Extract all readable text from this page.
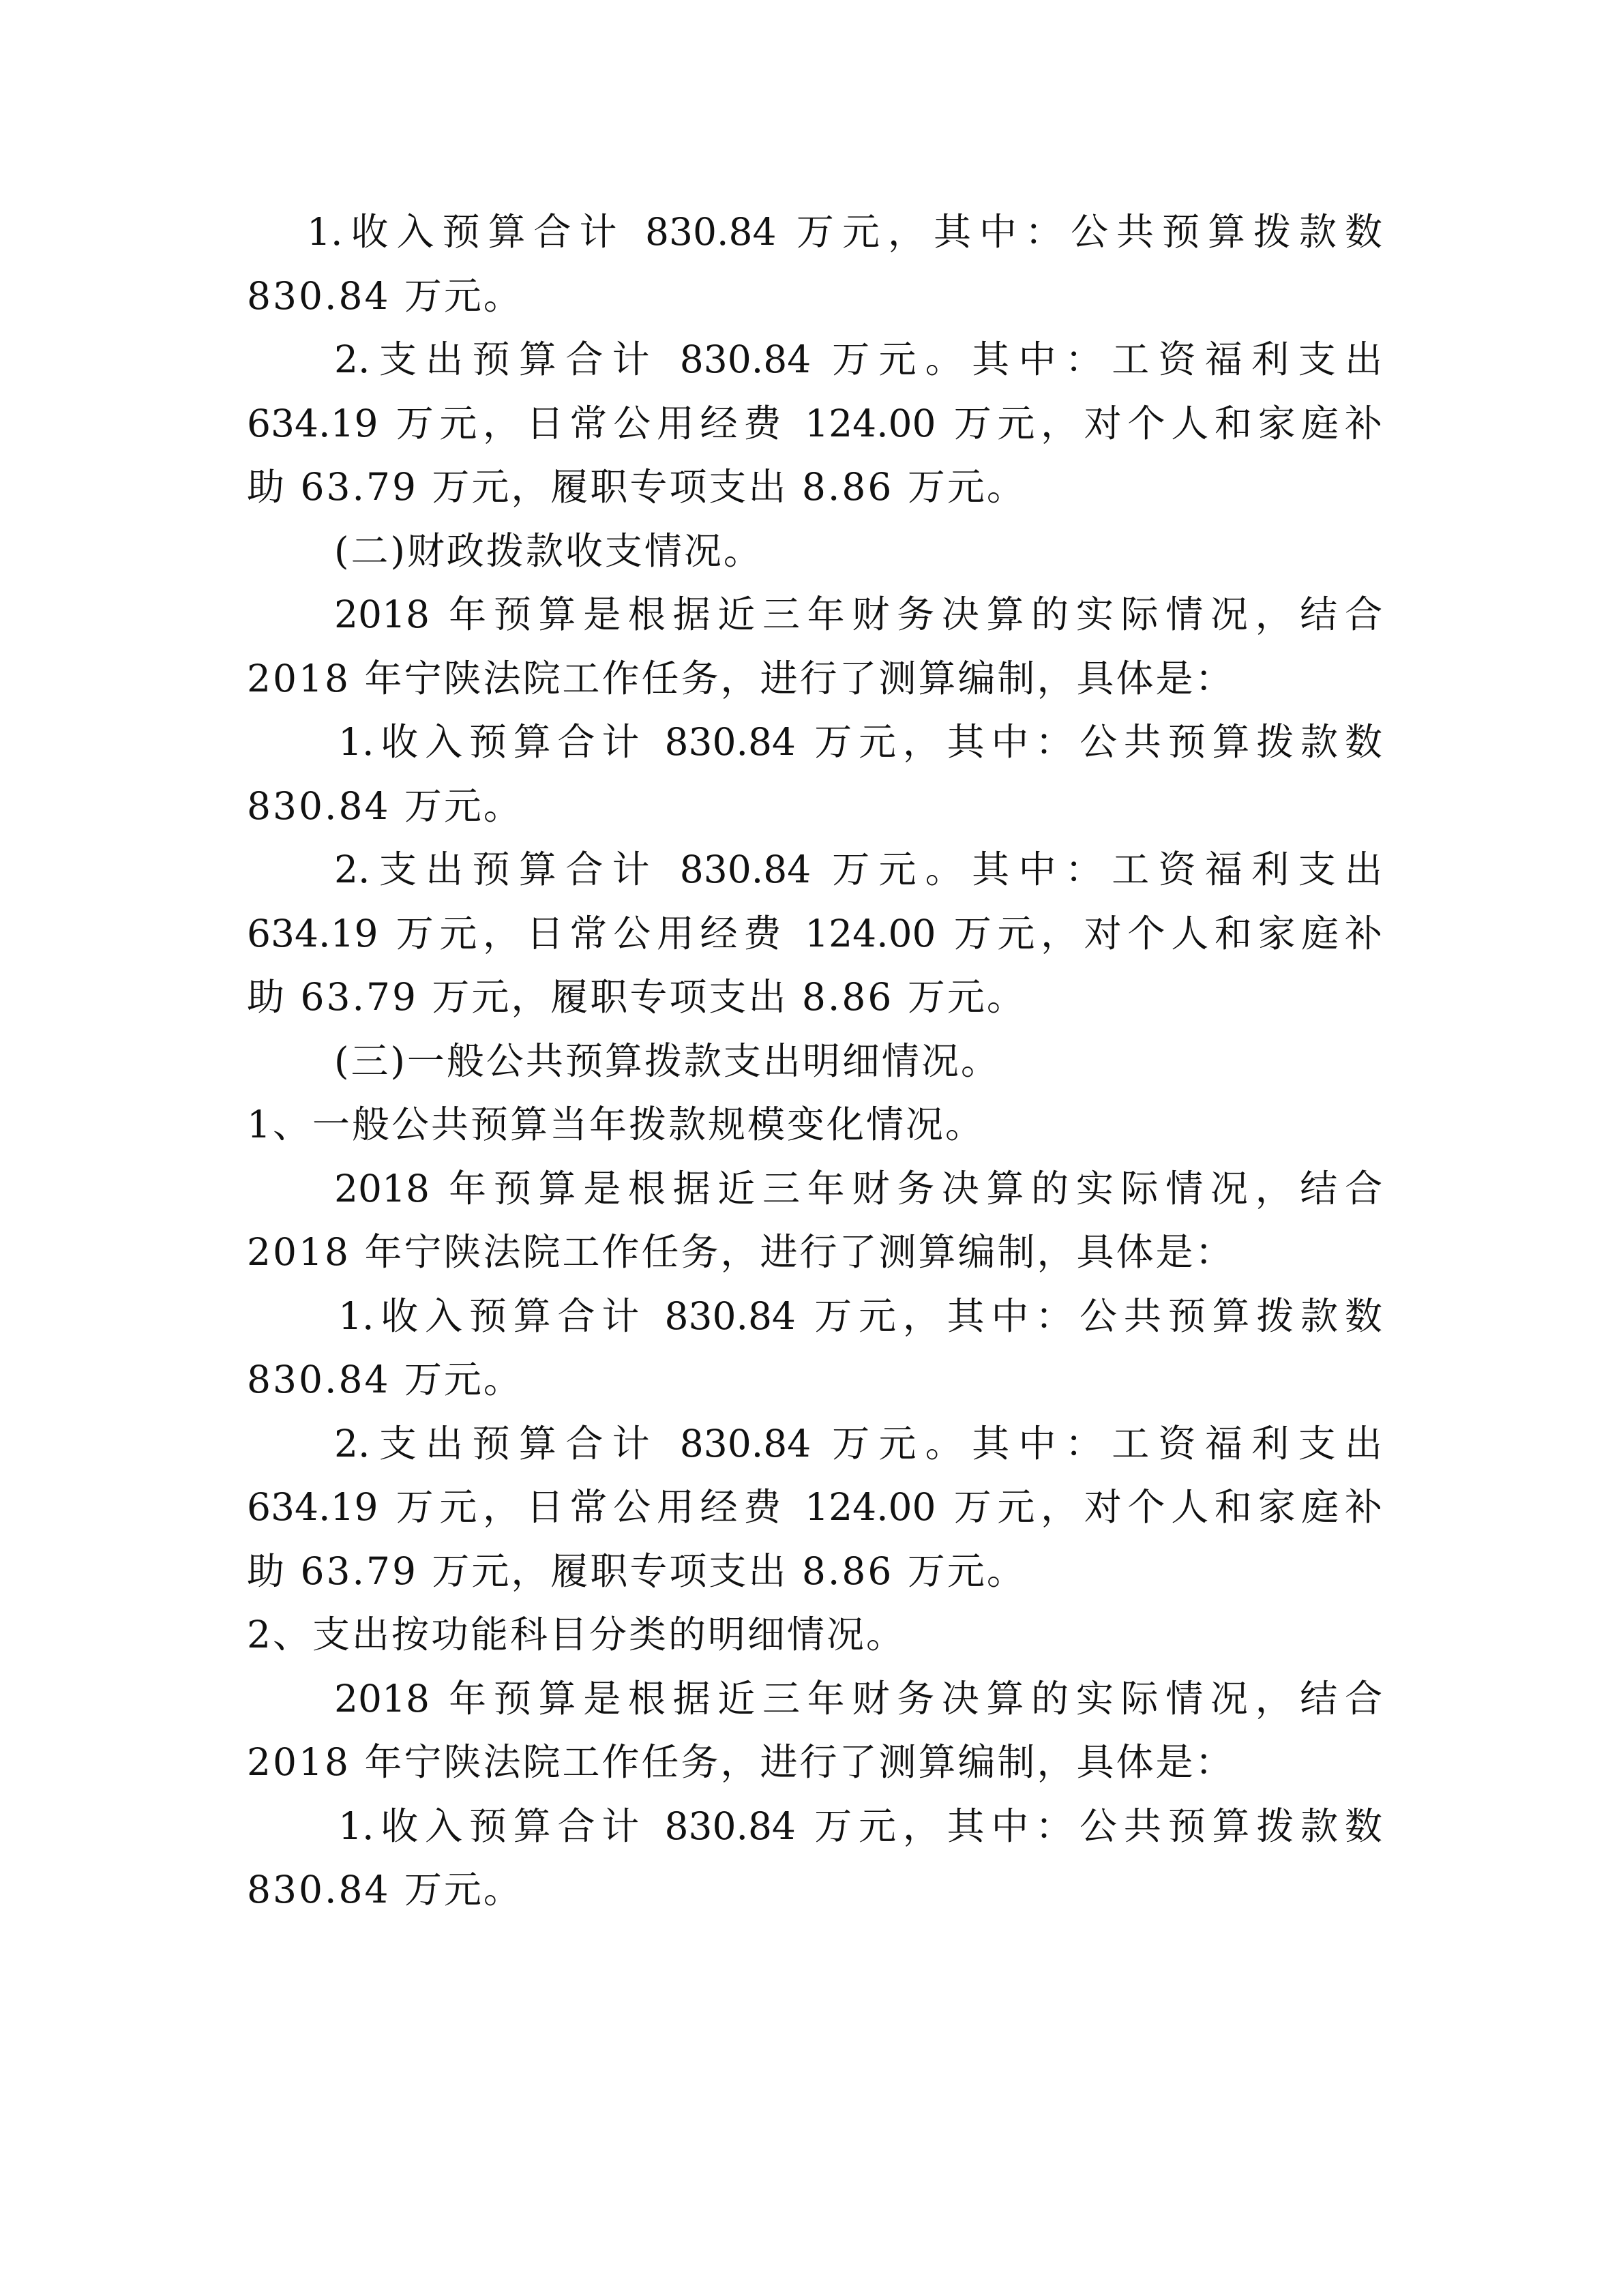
1.收入预算合计 830.84 万元，其中：公共预算拨款数
830.84 万元。
2.支出预算合计 830.84 万元。其中：工资福利支出
634.19 万元，日常公用经费 124.00 万元，对个人和家庭补
助 63.79 万元，履职专项支出 8.86 万元。
(二)财政拨款收支情况。
2018 年预算是根据近三年财务决算的实际情况，结合
2018 年宁陕法院工作任务，进行了测算编制，具体是：
1.收入预算合计 830.84 万元，其中：公共预算拨款数
830.84 万元。
2.支出预算合计 830.84 万元。其中：工资福利支出
634.19 万元，日常公用经费 124.00 万元，对个人和家庭补
助 63.79 万元，履职专项支出 8.86 万元。
(三)一般公共预算拨款支出明细情况。
1、一般公共预算当年拨款规模变化情况。
2018 年预算是根据近三年财务决算的实际情况，结合
2018 年宁陕法院工作任务，进行了测算编制，具体是：
1.收入预算合计 830.84 万元，其中：公共预算拨款数
830.84 万元。
2.支出预算合计 830.84 万元。其中：工资福利支出
634.19 万元，日常公用经费 124.00 万元，对个人和家庭补
助 63.79 万元，履职专项支出 8.86 万元。
2、支出按功能科目分类的明细情况。
2018 年预算是根据近三年财务决算的实际情况，结合
2018 年宁陕法院工作任务，进行了测算编制，具体是：
1.收入预算合计 830.84 万元，其中：公共预算拨款数
830.84 万元。
